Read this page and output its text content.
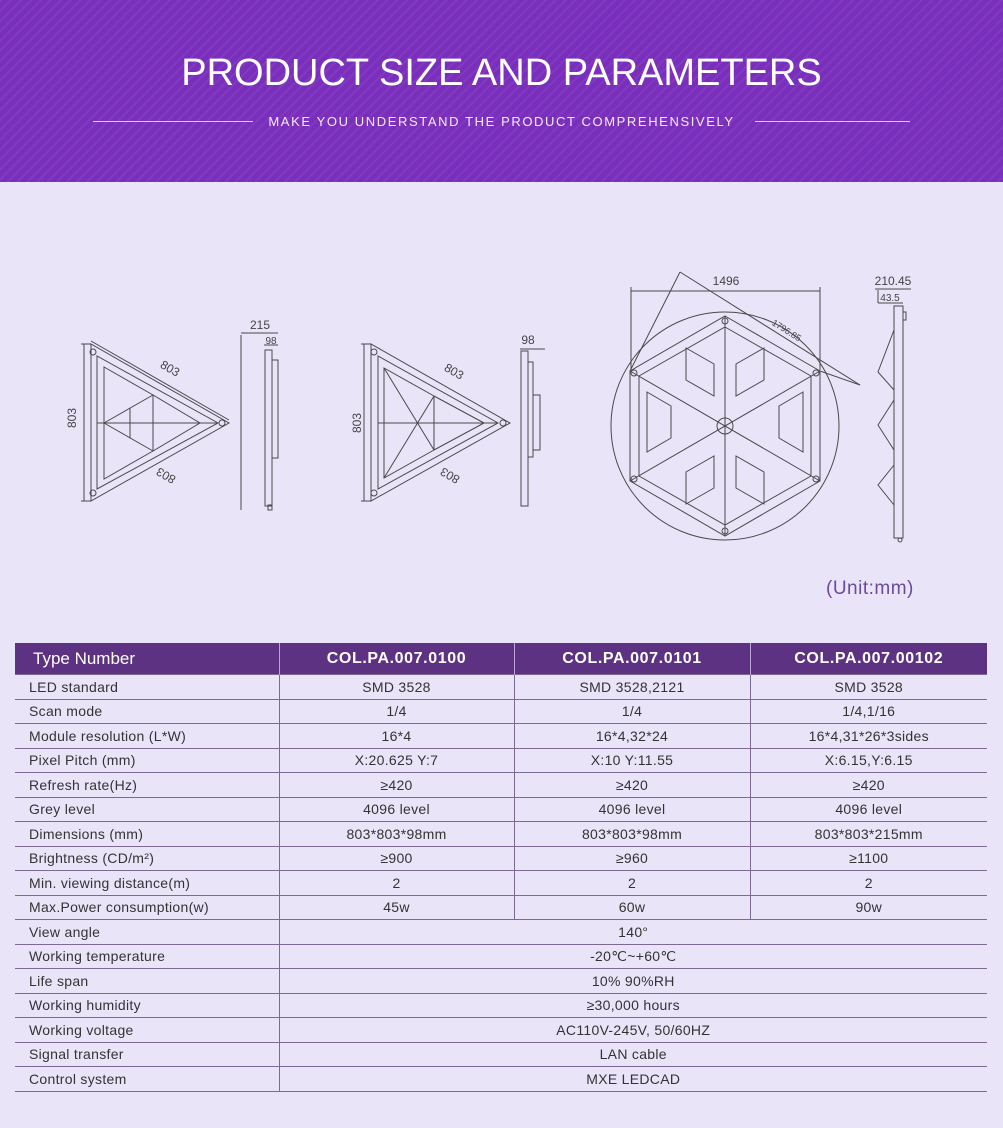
PRODUCT SIZE AND PARAMETERS
MAKE YOU UNDERSTAND THE PRODUCT COMPREHENSIVELY
803
803
803
215
98
803
803
803
98
1496
1796.85
210.45
43.5
(Unit:mm)
Type Number	COL.PA.007.0100	COL.PA.007.0101	COL.PA.007.00102
LED standard	SMD 3528	SMD 3528,2121	SMD 3528
Scan mode	1/4	1/4	1/4,1/16
Module resolution (L*W)	16*4	16*4,32*24	16*4,31*26*3sides
Pixel Pitch (mm)	X:20.625 Y:7	X:10 Y:11.55	X:6.15,Y:6.15
Refresh rate(Hz)	≥420	≥420	≥420
Grey level	4096 level	4096 level	4096 level
Dimensions (mm)	803*803*98mm	803*803*98mm	803*803*215mm
Brightness (CD/m²)	≥900	≥960	≥1100
Min. viewing distance(m)	2	2	2
Max.Power consumption(w)	45w	60w	90w
View angle	140°		
Working temperature	-20℃~+60℃		
Life span	10% 90%RH		
Working humidity	≥30,000 hours		
Working voltage	AC110V-245V, 50/60HZ		
Signal transfer	LAN cable		
Control system	MXE LEDCAD		
